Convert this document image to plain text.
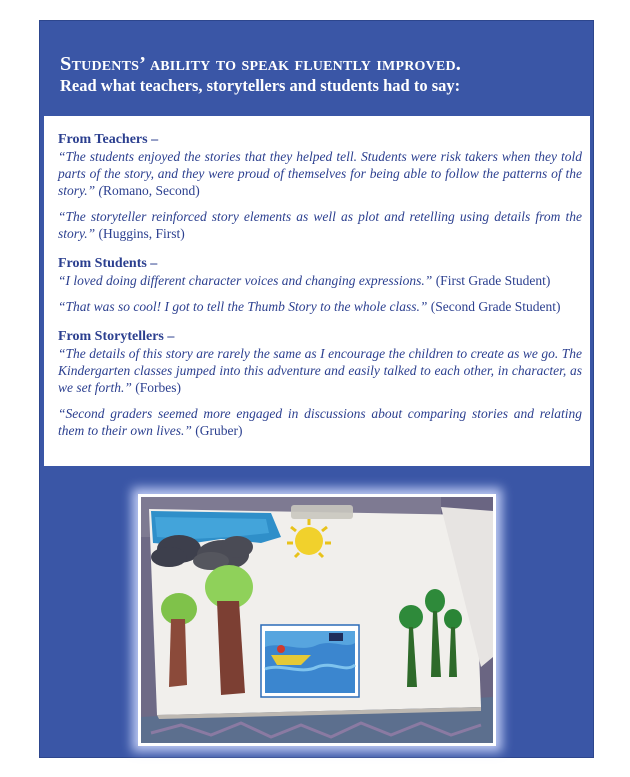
Students’ ability to speak fluently improved.

Read what teachers, storytellers and students had to say:

From Teachers –

“The students enjoyed the stories that they helped tell. Students were risk takers when they told parts of the story, and they were proud of themselves for being able to follow the patterns of the story.” (Romano, Second)

“The storyteller reinforced story elements as well as plot and retelling using details from the story.” (Huggins, First)

From Students –

“I loved doing different character voices and changing expressions.” (First Grade Student)

“That was so cool! I got to tell the Thumb Story to the whole class.” (Second Grade Student)

From Storytellers –

“The details of this story are rarely the same as I encourage the children to create as we go. The Kindergarten classes jumped into this adventure and easily talked to each other, in character, as we set forth.” (Forbes)

“Second graders seemed more engaged in discussions about comparing stories and relating them to their own lives.” (Gruber)
